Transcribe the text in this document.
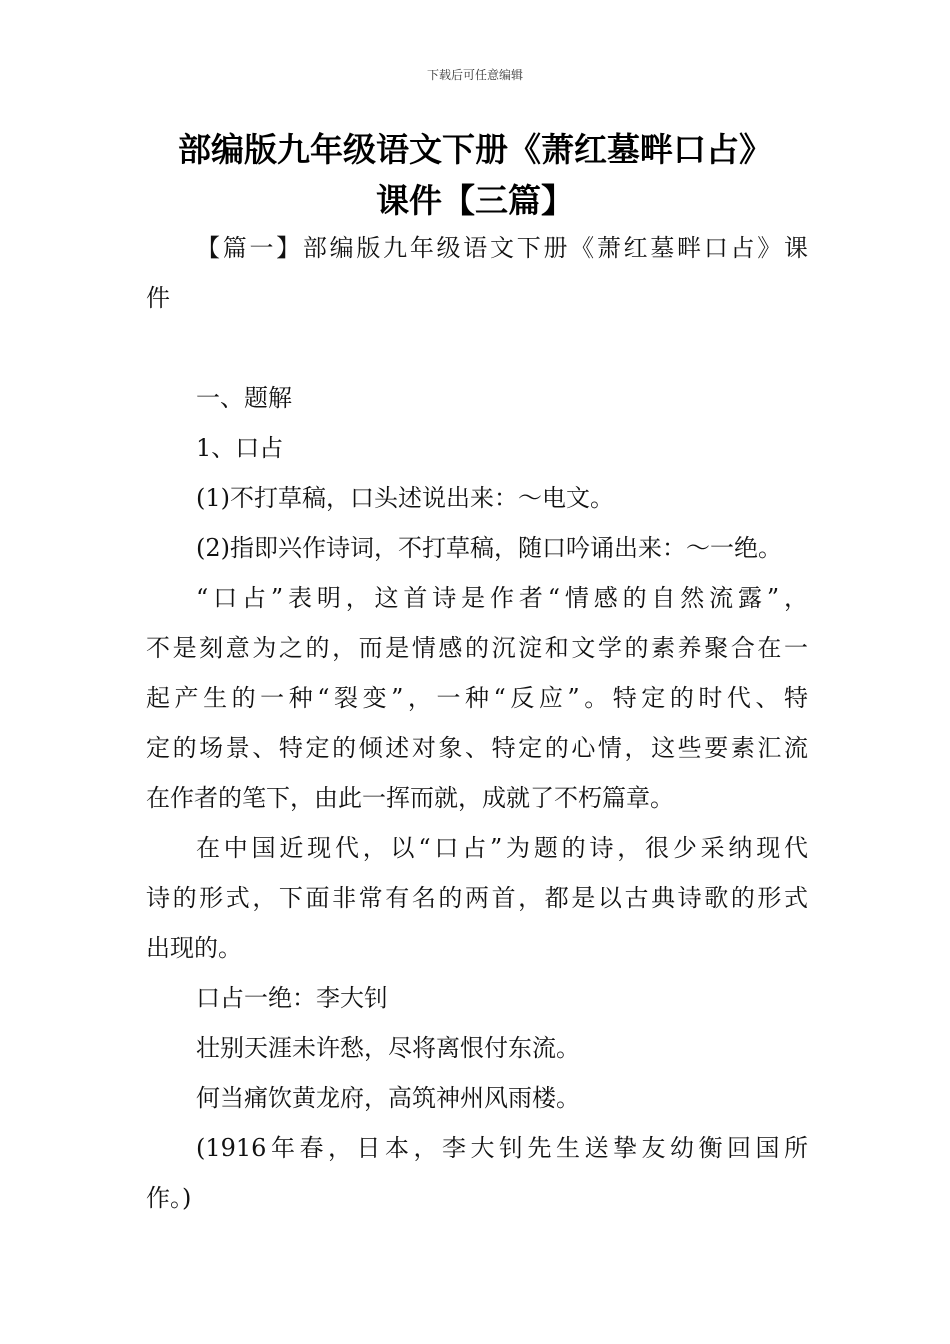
下载后可任意编辑
部编版九年级语文下册《萧红墓畔口占》
课件【三篇】
【篇一】部编版九年级语文下册《萧红墓畔口占》课
件
一、题解
1、口占
(1)不打草稿，口头述说出来：～电文。
(2)指即兴作诗词，不打草稿，随口吟诵出来：～一绝。
“口占”表明，这首诗是作者“情感的自然流露”，
不是刻意为之的，而是情感的沉淀和文学的素养聚合在一
起产生的一种“裂变”，一种“反应”。特定的时代、特
定的场景、特定的倾述对象、特定的心情，这些要素汇流
在作者的笔下，由此一挥而就，成就了不朽篇章。
在中国近现代，以“口占”为题的诗，很少采纳现代
诗的形式，下面非常有名的两首，都是以古典诗歌的形式
出现的。
口占一绝：李大钊
壮别天涯未许愁，尽将离恨付东流。
何当痛饮黄龙府，高筑神州风雨楼。
(1916年春，日本，李大钊先生送挚友幼衡回国所
作。)
